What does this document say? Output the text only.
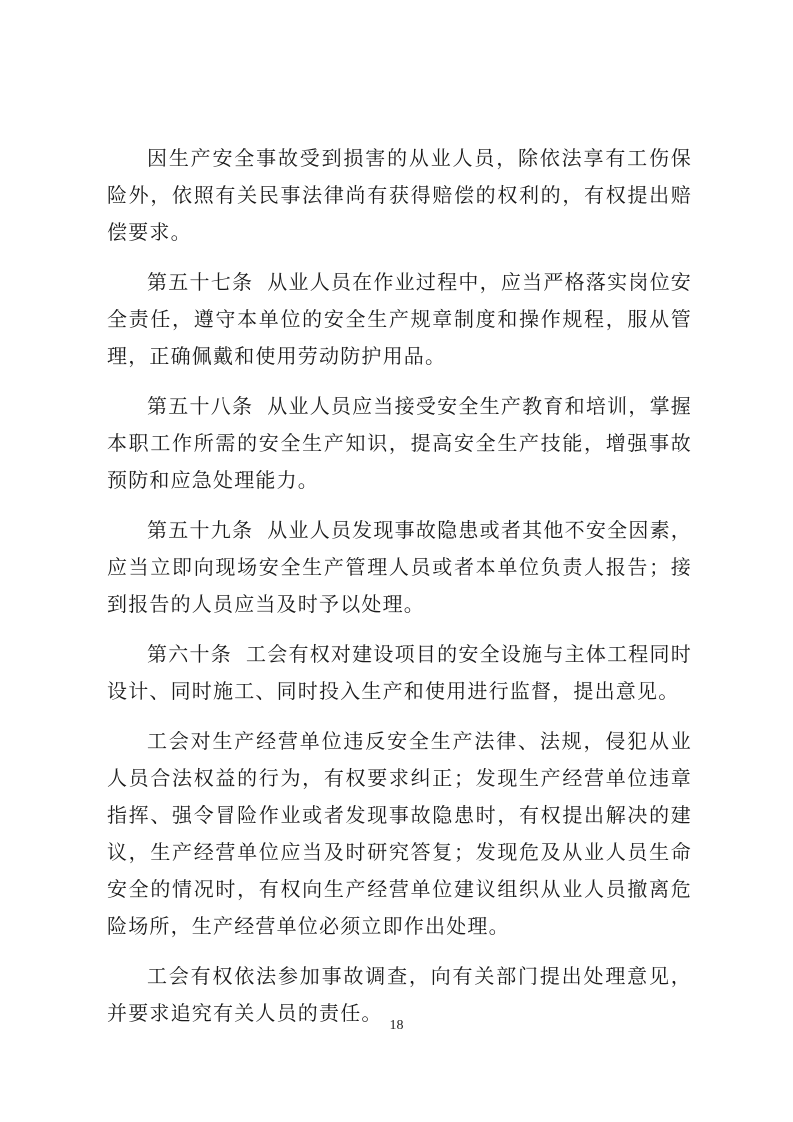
因生产安全事故受到损害的从业人员，除依法享有工伤保险外，依照有关民事法律尚有获得赔偿的权利的，有权提出赔偿要求。

第五十七条 从业人员在作业过程中，应当严格落实岗位安全责任，遵守本单位的安全生产规章制度和操作规程，服从管理，正确佩戴和使用劳动防护用品。

第五十八条 从业人员应当接受安全生产教育和培训，掌握本职工作所需的安全生产知识，提高安全生产技能，增强事故预防和应急处理能力。

第五十九条 从业人员发现事故隐患或者其他不安全因素，应当立即向现场安全生产管理人员或者本单位负责人报告；接到报告的人员应当及时予以处理。

第六十条 工会有权对建设项目的安全设施与主体工程同时设计、同时施工、同时投入生产和使用进行监督，提出意见。

工会对生产经营单位违反安全生产法律、法规，侵犯从业人员合法权益的行为，有权要求纠正；发现生产经营单位违章指挥、强令冒险作业或者发现事故隐患时，有权提出解决的建议，生产经营单位应当及时研究答复；发现危及从业人员生命安全的情况时，有权向生产经营单位建议组织从业人员撤离危险场所，生产经营单位必须立即作出处理。

工会有权依法参加事故调查，向有关部门提出处理意见，并要求追究有关人员的责任。

18
